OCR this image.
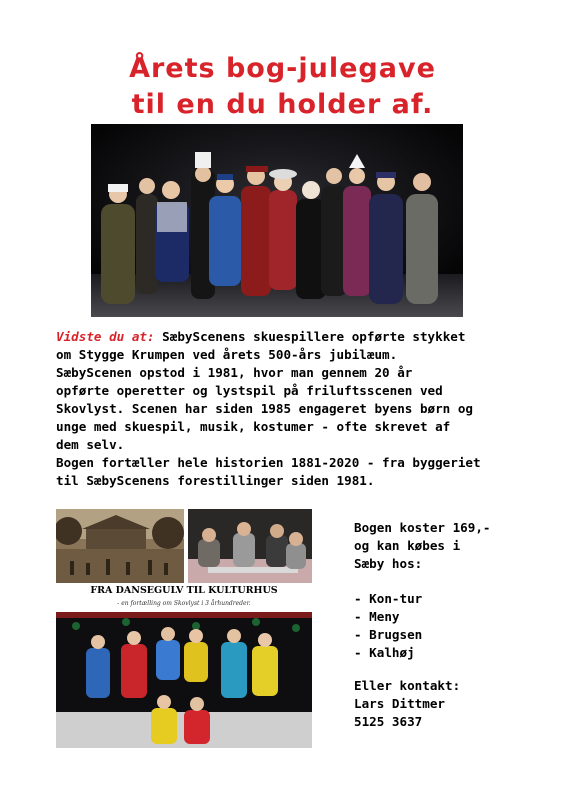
Årets bog-julegave
til en du holder af.
Vidste du at: SæbyScenens skuespillere opførte stykket
om Stygge Krumpen ved årets 500-års jubilæum.
SæbyScenen opstod i 1981, hvor man gennem 20 år
opførte operetter og lystspil på friluftsscenen ved
Skovlyst. Scenen har siden 1985 engageret byens børn og
unge med skuespil, musik, kostumer - ofte skrevet af
dem selv.
Bogen fortæller hele historien 1881-2020 - fra byggeriet
til SæbyScenens forestillinger siden 1981.
FRA DANSEGULV TIL KULTURHUS
- en fortælling om Skovlyst i 3 århundreder.
Bogen koster 169,-
og kan købes i
Sæby hos:
- Kon-tur
- Meny
- Brugsen
- Kalhøj
Eller kontakt:
Lars Dittmer
5125 3637
